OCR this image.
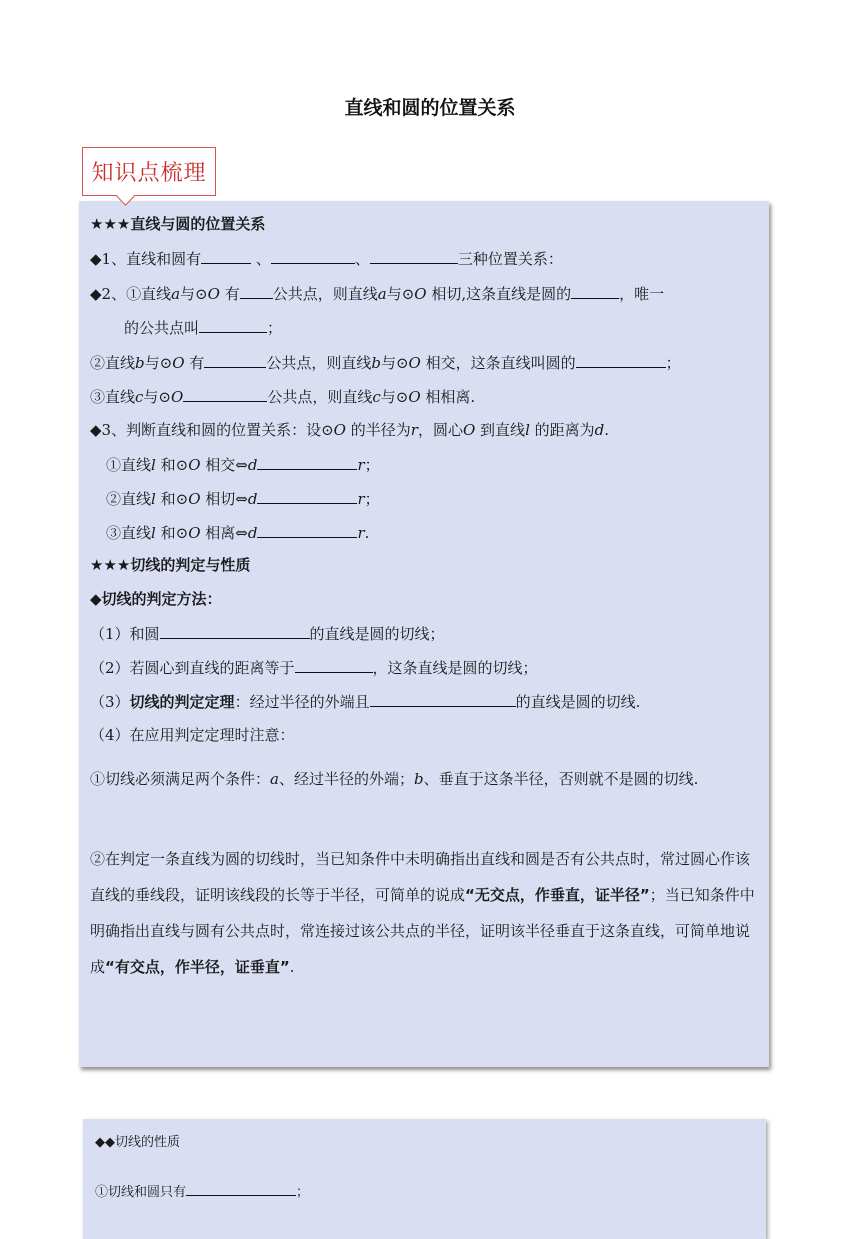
直线和圆的位置关系
知识点梳理
★★★直线与圆的位置关系
◆1、直线和圆有	、	、	三种位置关系：
◆2、①直线a与⊙O 有 公共点，则直线a与⊙O 相切,这条直线是圆的	，唯一
的公共点叫	；
②直线b与⊙O 有	公共点，则直线b与⊙O 相交，这条直线叫圆的	；
③直线c与⊙O	公共点，则直线c与⊙O 相相离.
◆3、判断直线和圆的位置关系：设⊙O 的半径为r，圆心O 到直线l 的距离为d.
①直线l 和⊙O 相交⇔d	r；
②直线l 和⊙O 相切⇔d	r；
③直线l 和⊙O 相离⇔d	r.
★★★切线的判定与性质
◆切线的判定方法：
（1）和圆	的直线是圆的切线；
（2）若圆心到直线的距离等于	，这条直线是圆的切线；
（3）切线的判定定理：经过半径的外端且	的直线是圆的切线.
（4）在应用判定定理时注意：
①切线必须满足两个条件：a、经过半径的外端；b、垂直于这条半径，否则就不是圆的切线.
②在判定一条直线为圆的切线时，当已知条件中未明确指出直线和圆是否有公共点时，常过圆心作该直线的垂线段，证明该线段的长等于半径，可简单的说成“无交点，作垂直，证半径”；当已知条件中明确指出直线与圆有公共点时，常连接过该公共点的半径，证明该半径垂直于这条直线，可简单地说成“有交点，作半径，证垂直”.
◆◆切线的性质
①切线和圆只有	；
